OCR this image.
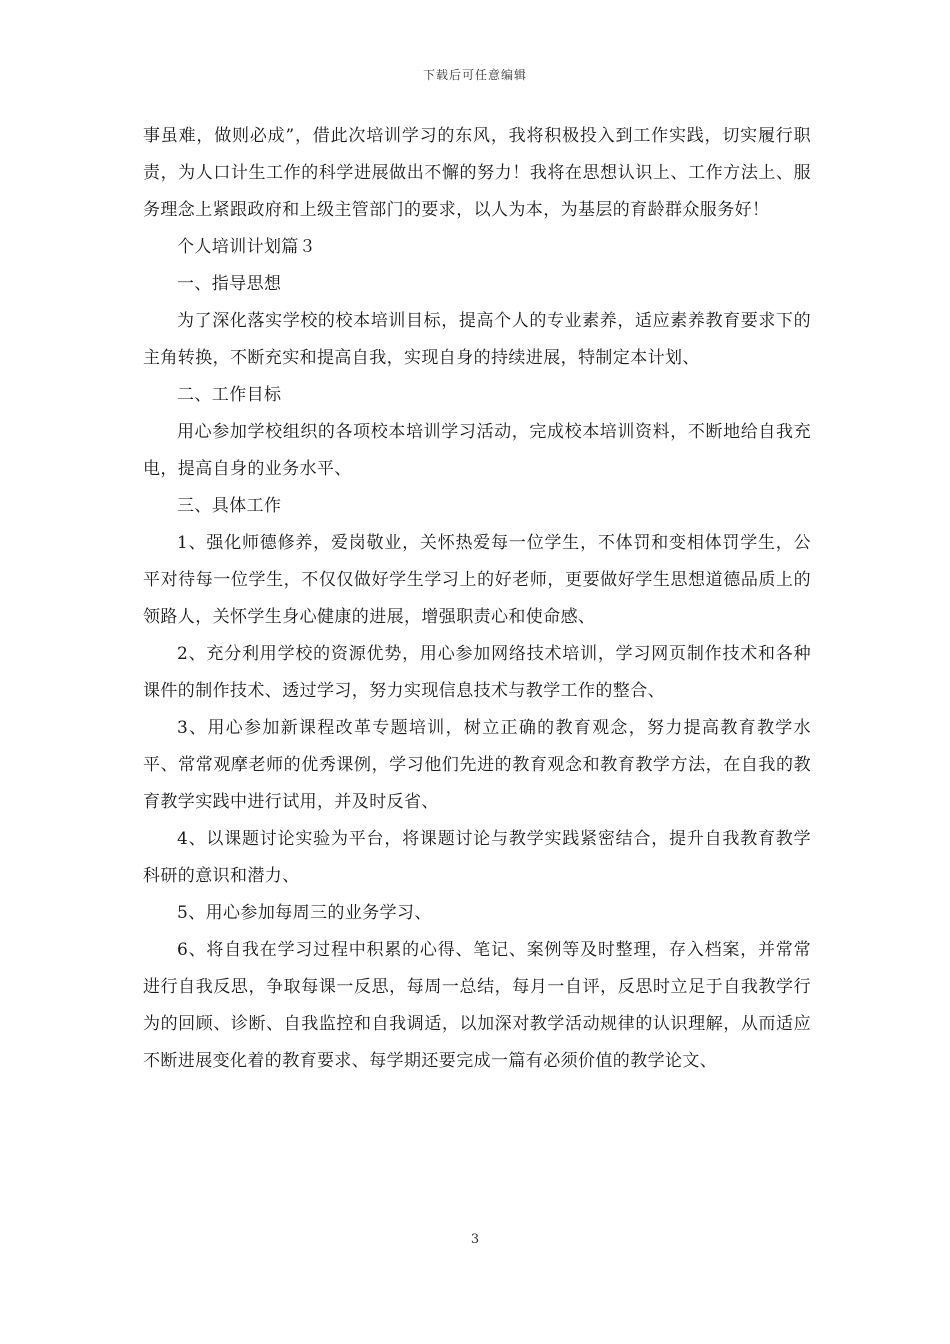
下载后可任意编辑

事虽难，做则必成”，借此次培训学习的东风，我将积极投入到工作实践，切实履行职责，为人口计生工作的科学进展做出不懈的努力！我将在思想认识上、工作方法上、服务理念上紧跟政府和上级主管部门的要求，以人为本，为基层的育龄群众服务好！

个人培训计划篇３

一、指导思想

为了深化落实学校的校本培训目标，提高个人的专业素养，适应素养教育要求下的主角转换，不断充实和提高自我，实现自身的持续进展，特制定本计划、

二、工作目标

用心参加学校组织的各项校本培训学习活动，完成校本培训资料，不断地给自我充电，提高自身的业务水平、

三、具体工作

1、强化师德修养，爱岗敬业，关怀热爱每一位学生，不体罚和变相体罚学生，公平对待每一位学生，不仅仅做好学生学习上的好老师，更要做好学生思想道德品质上的领路人，关怀学生身心健康的进展，增强职责心和使命感、

2、充分利用学校的资源优势，用心参加网络技术培训，学习网页制作技术和各种课件的制作技术、透过学习，努力实现信息技术与教学工作的整合、

3、用心参加新课程改革专题培训，树立正确的教育观念，努力提高教育教学水平、常常观摩老师的优秀课例，学习他们先进的教育观念和教育教学方法，在自我的教育教学实践中进行试用，并及时反省、

4、以课题讨论实验为平台，将课题讨论与教学实践紧密结合，提升自我教育教学科研的意识和潜力、

5、用心参加每周三的业务学习、

6、将自我在学习过程中积累的心得、笔记、案例等及时整理，存入档案，并常常进行自我反思，争取每课一反思，每周一总结，每月一自评，反思时立足于自我教学行为的回顾、诊断、自我监控和自我调适，以加深对教学活动规律的认识理解，从而适应不断进展变化着的教育要求、每学期还要完成一篇有必须价值的教学论文、

3
